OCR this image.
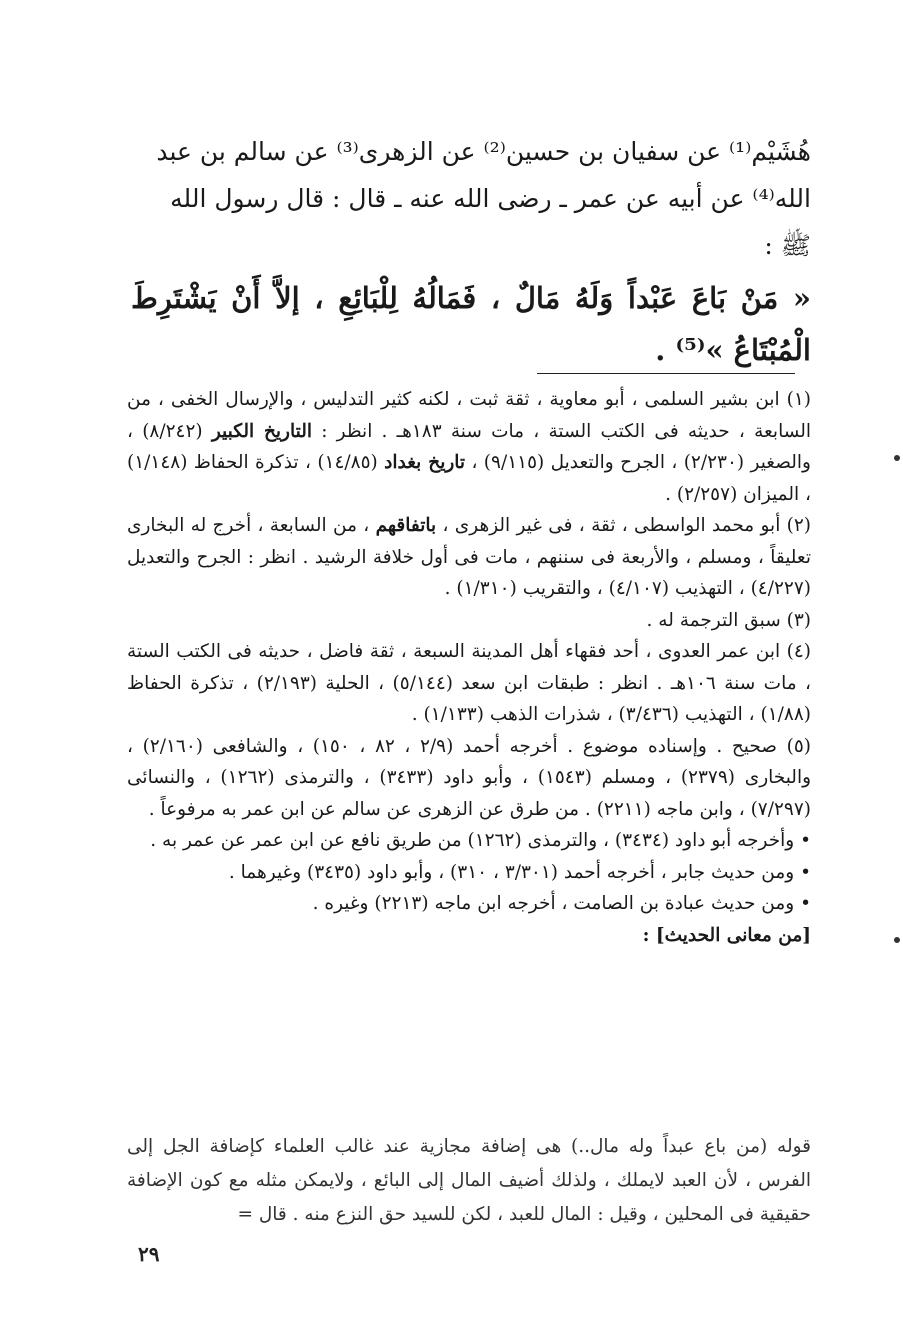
هُشَيْم⁽¹⁾ عن سفيان بن حسين⁽²⁾ عن الزهرى⁽³⁾ عن سالم بن عبد

الله⁽⁴⁾ عن أبيه عن عمر ـ رضى الله عنه ـ قال : قال رسول الله

ﷺ :

« مَنْ بَاعَ عَبْداً وَلَهُ مَالٌ ، فَمَالُهُ لِلْبَائِعِ ، إلاَّ أَنْ يَشْتَرِطَ الْمُبْتَاعُ »⁽⁵⁾ .

(١) ابن بشير السلمى ، أبو معاوية ، ثقة ثبت ، لكنه كثير التدليس ، والإرسال الخفى ، من السابعة ، حديثه فى الكتب الستة ، مات سنة ١٨٣هـ . انظر : التاريخ الكبير (٨/٢٤٢) ، والصغير (٢/٢٣٠) ، الجرح والتعديل (٩/١١٥) ، تاريخ بغداد (١٤/٨٥) ، تذكرة الحفاظ (١/١٤٨) ، الميزان (٢/٢٥٧) .

(٢) أبو محمد الواسطى ، ثقة ، فى غير الزهرى ، باتفاقهم ، من السابعة ، أخرج له البخارى تعليقاً ، ومسلم ، والأربعة فى سننهم ، مات فى أول خلافة الرشيد . انظر : الجرح والتعديل (٤/٢٢٧) ، التهذيب (٤/١٠٧) ، والتقريب (١/٣١٠) .

(٣) سبق الترجمة له .

(٤) ابن عمر العدوى ، أحد فقهاء أهل المدينة السبعة ، ثقة فاضل ، حديثه فى الكتب الستة ، مات سنة ١٠٦هـ . انظر : طبقات ابن سعد (٥/١٤٤) ، الحلية (٢/١٩٣) ، تذكرة الحفاظ (١/٨٨) ، التهذيب (٣/٤٣٦) ، شذرات الذهب (١/١٣٣) .

(٥) صحيح . وإسناده موضوع . أخرجه أحمد (٢/٩ ، ٨٢ ، ١٥٠) ، والشافعى (٢/١٦٠) ، والبخارى (٢٣٧٩) ، ومسلم (١٥٤٣) ، وأبو داود (٣٤٣٣) ، والترمذى (١٢٦٢) ، والنسائى (٧/٢٩٧) ، وابن ماجه (٢٢١١) . من طرق عن الزهرى عن سالم عن ابن عمر به مرفوعاً .

• وأخرجه أبو داود (٣٤٣٤) ، والترمذى (١٢٦٢) من طريق نافع عن ابن عمر عن عمر به .

• ومن حديث جابر ، أخرجه أحمد (٣/٣٠١ ، ٣١٠) ، وأبو داود (٣٤٣٥) وغيرهما .

• ومن حديث عبادة بن الصامت ، أخرجه ابن ماجه (٢٢١٣) وغيره .

[من معانى الحديث] :

قوله (من باع عبداً وله مال..) هى إضافة مجازية عند غالب العلماء كإضافة الجل إلى الفرس ، لأن العبد لايملك ، ولذلك أضيف المال إلى البائع ، ولايمكن مثله مع كون الإضافة حقيقية فى المحلين ، وقيل : المال للعبد ، لكن للسيد حق النزع منه . قال =

٢٩
